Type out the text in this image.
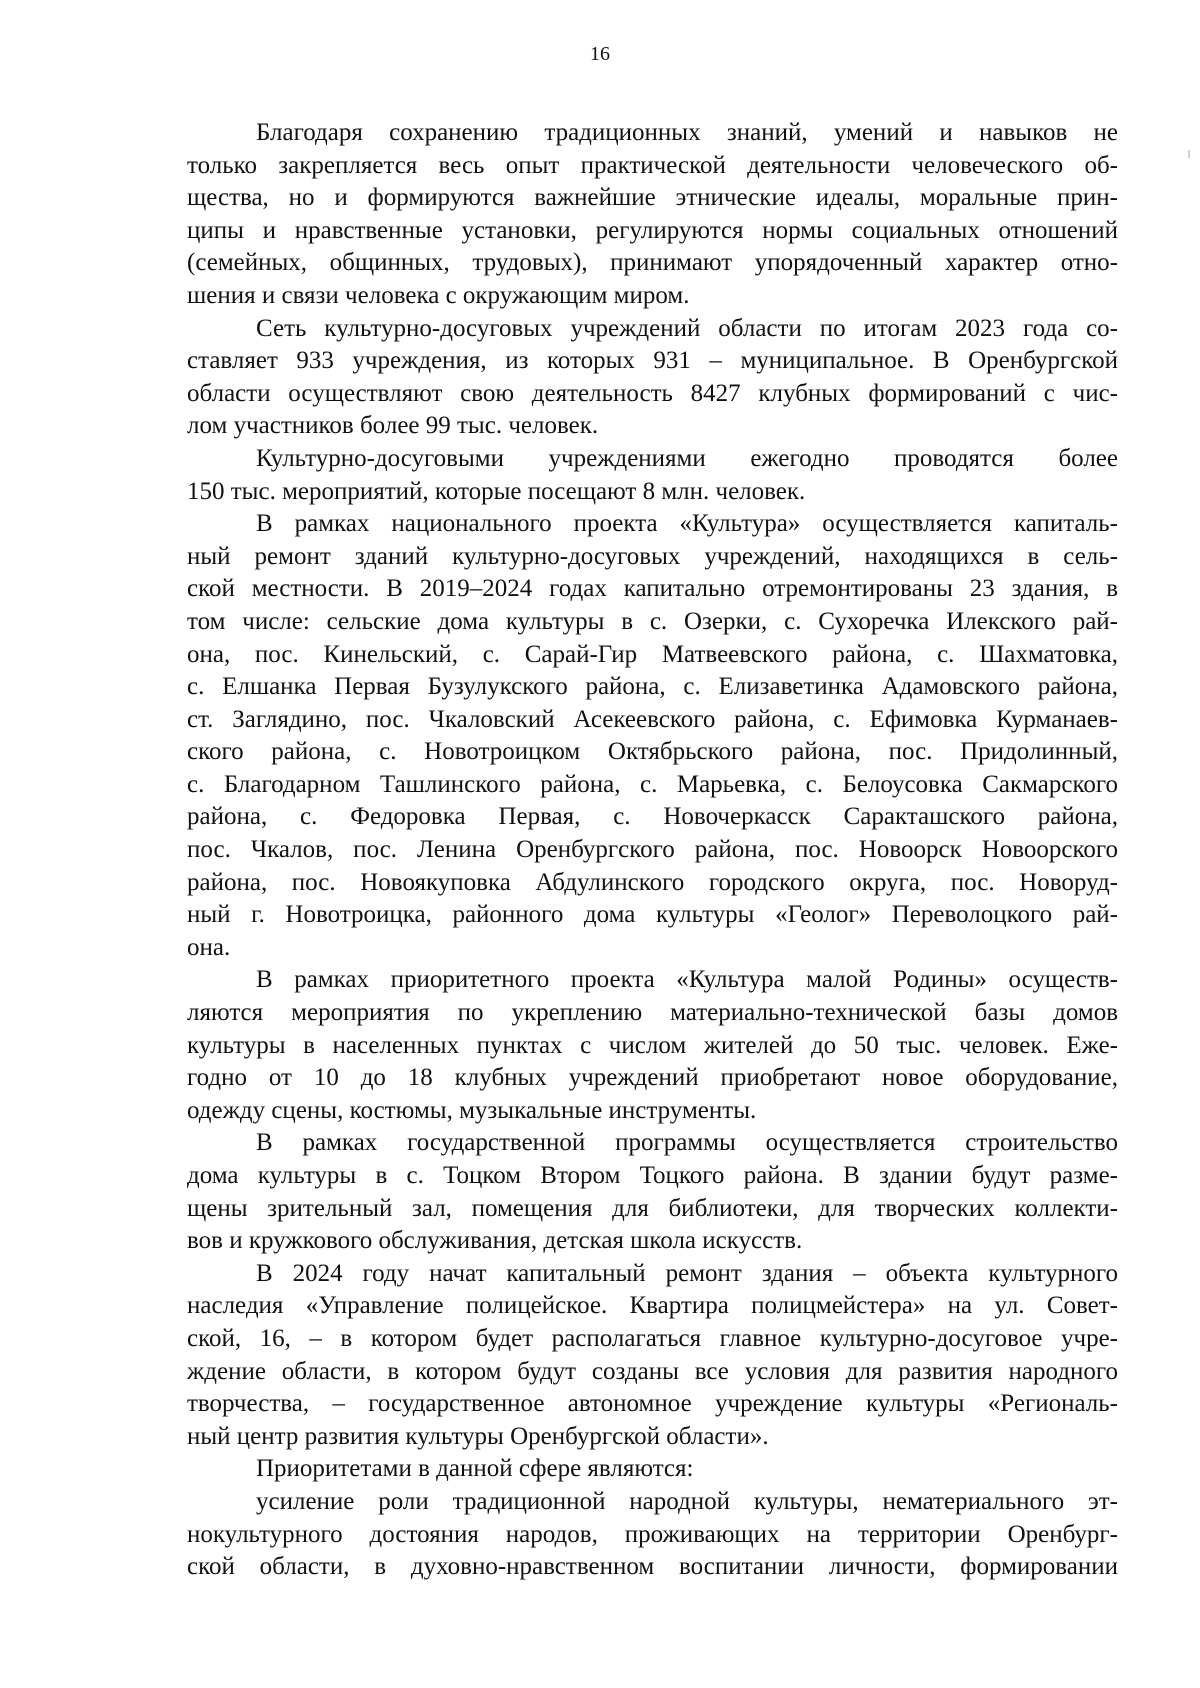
16
Благодаря сохранению традиционных знаний, умений и навыков не
только закрепляется весь опыт практической деятельности человеческого об-
щества, но и формируются важнейшие этнические идеалы, моральные прин-
ципы и нравственные установки, регулируются нормы социальных отношений
(семейных, общинных, трудовых), принимают упорядоченный характер отно-
шения и связи человека с окружающим миром.
Сеть культурно-досуговых учреждений области по итогам 2023 года со-
ставляет 933 учреждения, из которых 931 – муниципальное. В Оренбургской
области осуществляют свою деятельность 8427 клубных формирований с чис-
лом участников более 99 тыс. человек.
Культурно-досуговыми учреждениями ежегодно проводятся более
150 тыс. мероприятий, которые посещают 8 млн. человек.
В рамках национального проекта «Культура» осуществляется капиталь-
ный ремонт зданий культурно-досуговых учреждений, находящихся в сель-
ской местности. В 2019–2024 годах капитально отремонтированы 23 здания, в
том числе: сельские дома культуры в с. Озерки, с. Сухоречка Илекского рай-
она, пос. Кинельский, с. Сарай-Гир Матвеевского района, с. Шахматовка,
с. Елшанка Первая Бузулукского района, с. Елизаветинка Адамовского района,
ст. Заглядино, пос. Чкаловский Асекеевского района, с. Ефимовка Курманаев-
ского района, с. Новотроицком Октябрьского района, пос. Придолинный,
с. Благодарном Ташлинского района, с. Марьевка, с. Белоусовка Сакмарского
района, с. Федоровка Первая, с. Новочеркасск Саракташского района,
пос. Чкалов, пос. Ленина Оренбургского района, пос. Новоорск Новоорского
района, пос. Новоякуповка Абдулинского городского округа, пос. Новоруд-
ный г. Новотроицка, районного дома культуры «Геолог» Переволоцкого рай-
она.
В рамках приоритетного проекта «Культура малой Родины» осуществ-
ляются мероприятия по укреплению материально-технической базы домов
культуры в населенных пунктах с числом жителей до 50 тыс. человек. Еже-
годно от 10 до 18 клубных учреждений приобретают новое оборудование,
одежду сцены, костюмы, музыкальные инструменты.
В рамках государственной программы осуществляется строительство
дома культуры в с. Тоцком Втором Тоцкого района. В здании будут разме-
щены зрительный зал, помещения для библиотеки, для творческих коллекти-
вов и кружкового обслуживания, детская школа искусств.
В 2024 году начат капитальный ремонт здания – объекта культурного
наследия «Управление полицейское. Квартира полицмейстера» на ул. Совет-
ской, 16, – в котором будет располагаться главное культурно-досуговое учре-
ждение области, в котором будут созданы все условия для развития народного
творчества, – государственное автономное учреждение культуры «Региональ-
ный центр развития культуры Оренбургской области».
Приоритетами в данной сфере являются:
усиление роли традиционной народной культуры, нематериального эт-
нокультурного достояния народов, проживающих на территории Оренбург-
ской области, в духовно-нравственном воспитании личности, формировании
